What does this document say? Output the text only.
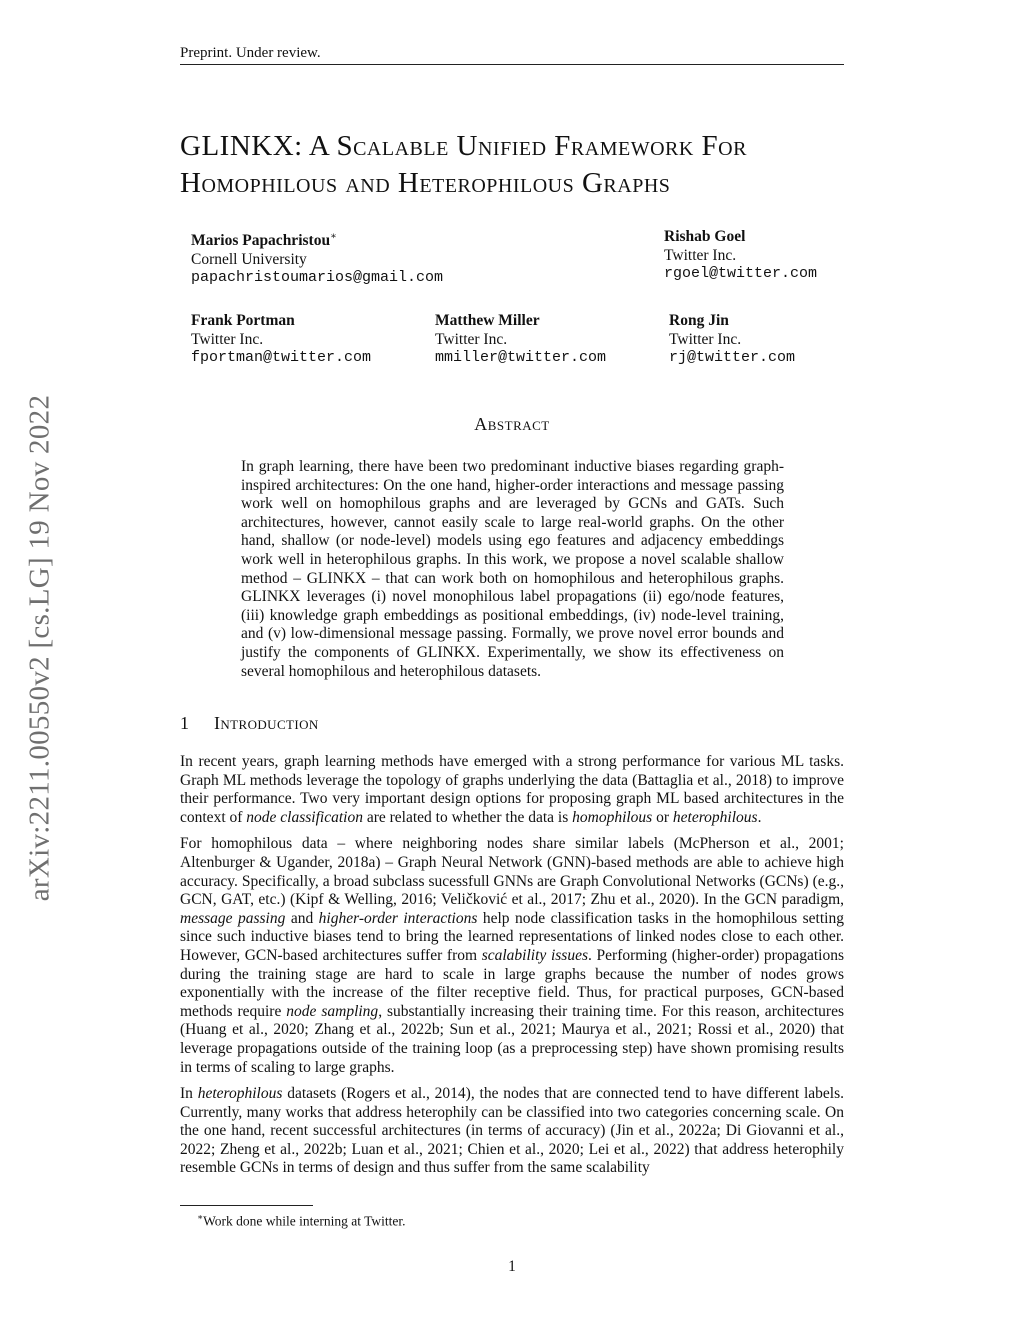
Preprint. Under review.
arXiv:2211.00550v2 [cs.LG] 19 Nov 2022
GLINKX: A Scalable Unified Framework For
Homophilous and Heterophilous Graphs
Marios Papachristou∗
Cornell University
papachristoumarios@gmail.com
Rishab Goel
Twitter Inc.
rgoel@twitter.com
Frank Portman
Twitter Inc.
fportman@twitter.com
Matthew Miller
Twitter Inc.
mmiller@twitter.com
Rong Jin
Twitter Inc.
rj@twitter.com
Abstract
In graph learning, there have been two predominant inductive biases regarding graph-inspired architectures: On the one hand, higher-order interactions and message passing work well on homophilous graphs and are leveraged by GCNs and GATs. Such architectures, however, cannot easily scale to large real-world graphs. On the other hand, shallow (or node-level) models using ego features and adjacency embeddings work well in heterophilous graphs. In this work, we propose a novel scalable shallow method – GLINKX – that can work both on homophilous and heterophilous graphs. GLINKX leverages (i) novel monophilous label propagations (ii) ego/node features, (iii) knowledge graph embeddings as positional embeddings, (iv) node-level training, and (v) low-dimensional message passing. Formally, we prove novel error bounds and justify the components of GLINKX. Experimentally, we show its effectiveness on several homophilous and heterophilous datasets.
1 Introduction

In recent years, graph learning methods have emerged with a strong performance for various ML tasks. Graph ML methods leverage the topology of graphs underlying the data (Battaglia et al., 2018) to improve their performance. Two very important design options for proposing graph ML based architectures in the context of node classification are related to whether the data is homophilous or heterophilous.

For homophilous data – where neighboring nodes share similar labels (McPherson et al., 2001; Altenburger & Ugander, 2018a) – Graph Neural Network (GNN)-based methods are able to achieve high accuracy. Specifically, a broad subclass sucessfull GNNs are Graph Convolutional Networks (GCNs) (e.g., GCN, GAT, etc.) (Kipf & Welling, 2016; Veličković et al., 2017; Zhu et al., 2020). In the GCN paradigm, message passing and higher-order interactions help node classification tasks in the homophilous setting since such inductive biases tend to bring the learned representations of linked nodes close to each other. However, GCN-based architectures suffer from scalability issues. Performing (higher-order) propagations during the training stage are hard to scale in large graphs because the number of nodes grows exponentially with the increase of the filter receptive field. Thus, for practical purposes, GCN-based methods require node sampling, substantially increasing their training time. For this reason, architectures (Huang et al., 2020; Zhang et al., 2022b; Sun et al., 2021; Maurya et al., 2021; Rossi et al., 2020) that leverage propagations outside of the training loop (as a preprocessing step) have shown promising results in terms of scaling to large graphs.

In heterophilous datasets (Rogers et al., 2014), the nodes that are connected tend to have different labels. Currently, many works that address heterophily can be classified into two categories concerning scale. On the one hand, recent successful architectures (in terms of accuracy) (Jin et al., 2022a; Di Giovanni et al., 2022; Zheng et al., 2022b; Luan et al., 2021; Chien et al., 2020; Lei et al., 2022) that address heterophily resemble GCNs in terms of design and thus suffer from the same scalability

∗Work done while interning at Twitter.
1
